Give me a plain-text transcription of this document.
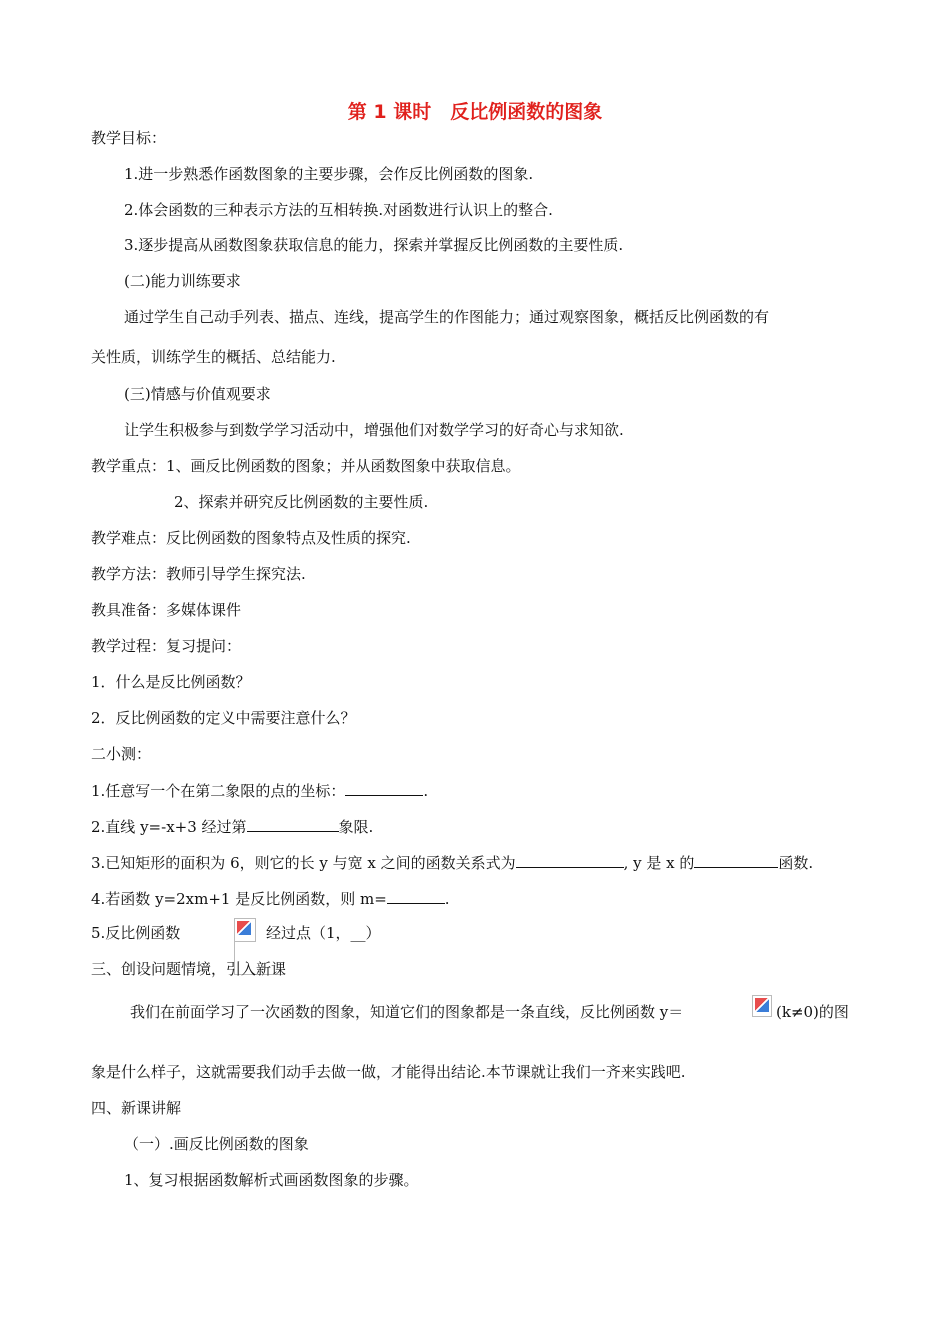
第 1 课时　反比例函数的图象
教学目标：
1.进一步熟悉作函数图象的主要步骤，会作反比例函数的图象.
2.体会函数的三种表示方法的互相转换.对函数进行认识上的整合.
3.逐步提高从函数图象获取信息的能力，探索并掌握反比例函数的主要性质.
(二)能力训练要求
通过学生自己动手列表、描点、连线，提高学生的作图能力；通过观察图象，概括反比例函数的有
关性质，训练学生的概括、总结能力.
(三)情感与价值观要求
让学生积极参与到数学学习活动中，增强他们对数学学习的好奇心与求知欲.
教学重点：1、画反比例函数的图象；并从函数图象中获取信息。
2、探索并研究反比例函数的主要性质.
教学难点：反比例函数的图象特点及性质的探究.
教学方法：教师引导学生探究法.
教具准备：多媒体课件
教学过程：复习提问：
1．什么是反比例函数？
2．反比例函数的定义中需要注意什么？
二小测：
1.任意写一个在第二象限的点的坐标：	.
2.直线 y=-x+3 经过第	象限.
3.已知矩形的面积为 6，则它的长 y 与宽 x 之间的函数关系式为	, y 是 x 的	函数.
4.若函数 y=2xm+1 是反比例函数，则 m=	.
5.反比例函数	经过点（1，__）
三、创设问题情境，引入新课
我们在前面学习了一次函数的图象，知道它们的图象都是一条直线，反比例函数 y＝	(k≠0)的图
象是什么样子，这就需要我们动手去做一做，才能得出结论.本节课就让我们一齐来实践吧.
四、新课讲解
（一）.画反比例函数的图象
1、复习根据函数解析式画函数图象的步骤。
